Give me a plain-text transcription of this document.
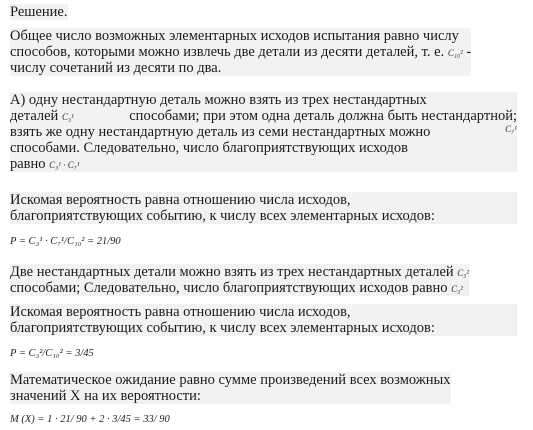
Решение.
Общее число возможных элементарных исходов испытания равно числу
способов, которыми можно извлечь две детали из десяти деталей, т. е. C₁₀² -
числу сочетаний из десяти по два.
А) одну нестандартную деталь можно взять из трех нестандартных
деталей C₃¹	способами; при этом одна деталь должна быть нестандартной;
взять же одну нестандартную деталь из семи нестандартных можно	C₇¹
способами. Следовательно, число благоприятствующих исходов
равно C₃¹ · C₇¹
Искомая вероятность равна отношению числа исходов,
благоприятствующих событию, к числу всех элементарных исходов:
P = C₃¹ · C₇¹/C₁₀² = 21/90
Две нестандартных детали можно взять из трех нестандартных деталей C₃²
способами; Следовательно, число благоприятствующих исходов равно C₃²
Искомая вероятность равна отношению числа исходов,
благоприятствующих событию, к числу всех элементарных исходов:
P = C₃²/C₁₀² = 3/45
Математическое ожидание равно сумме произведений всех возможных
значений X на их вероятности:
M (X) = 1 · 21/ 90 + 2 · 3/45 = 33/ 90
